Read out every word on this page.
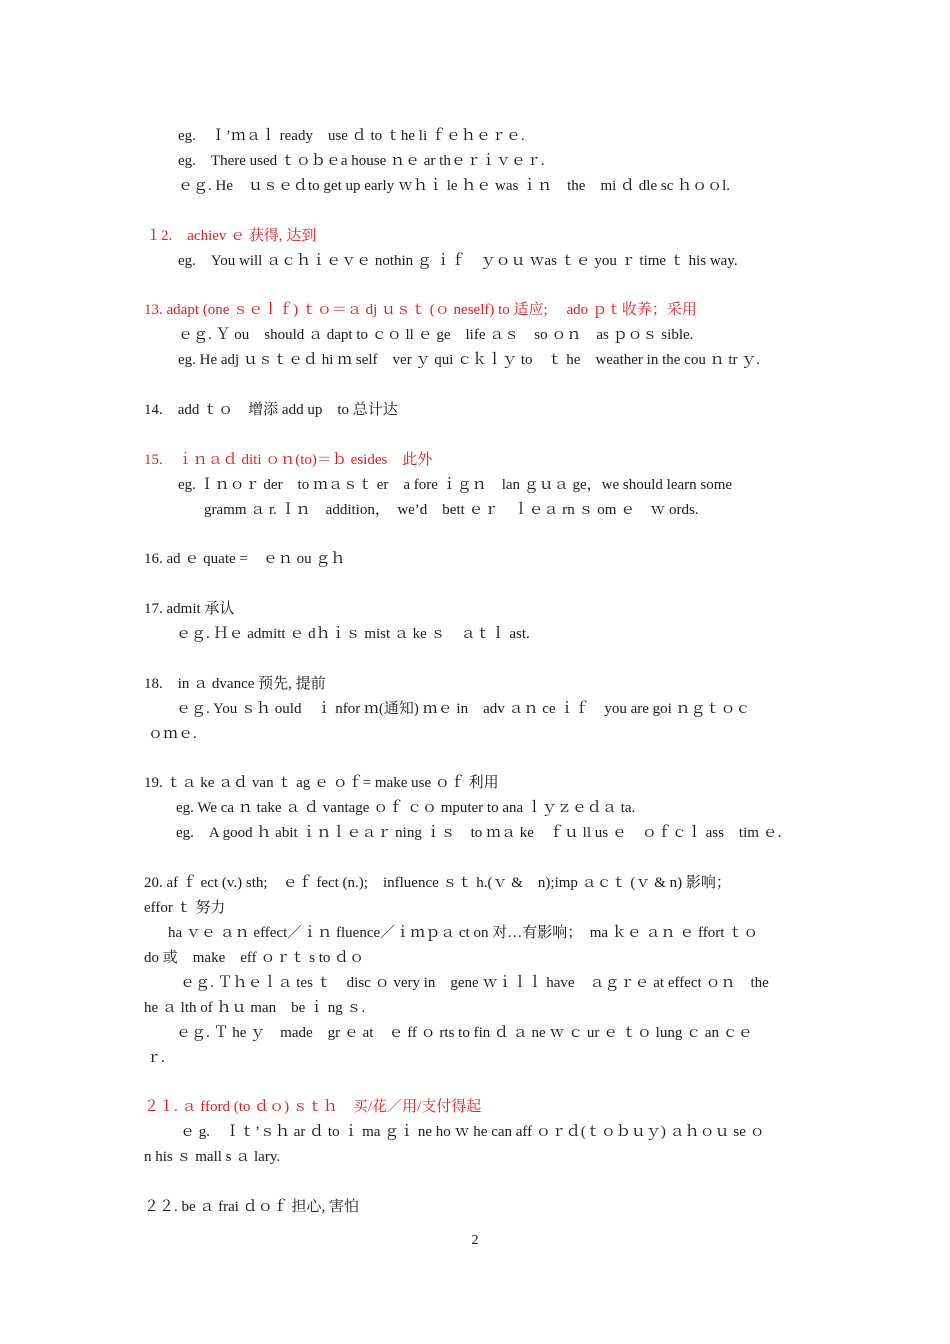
eg.　Ｉ’ｍａｌ ready　use ｄ to ｔhe li ｆｅｈｅｒｅ.
eg.　There used ｔｏｂｅa house ｎｅ ar thｅｒｉｖｅｒ.
ｅｇ. He　ｕｓｅｄto get up early ｗｈｉ le ｈｅ was ｉｎ　the　mi ｄ dle sc ｈｏｏl.
１2.　achiev ｅ 获得, 达到
eg.　You will ａｃｈｉｅｖｅ nothin ｇ ｉｆ　ｙｏｕ ｗas ｔｅ you ｒ time ｔ his way.
13. adapt (one ｓｅｌｆ) ｔｏ＝ａ dj ｕｓｔ (ｏ neself) to 适应;　 ado ｐｔ收养；采用
ｅｇ. Ｙ ou　should ａ dapt to ｃｏ ll ｅ ge　life ａｓ　so ｏｎ　as ｐｏｓ sible.
eg. He adj ｕｓｔｅｄ hi ｍ self　ver ｙ qui ｃｋｌｙ to　ｔ he　weather in the cou ｎ tr ｙ.
14.　add ｔｏ　增添 add up　to 总计达
15.　ｉｎａｄ diti ｏｎ(to)＝ｂ esides　此外
eg. Ｉｎｏｒ der　to ｍａｓｔ er　a fore ｉｇｎ　lan ｇｕａ ge，we should learn some
gramm ａ r. Ｉｎ　addition，　we’d　bett ｅｒ　ｌｅａ rn ｓ om ｅ　ｗ ords.
16. ad ｅ quate =　ｅｎ ou ｇｈ
17. admit 承认
ｅｇ. Ｈｅ admitt ｅ dｈｉｓ mist ａ ke ｓ　ａｔｌ ast.
18.　in ａ dvance 预先, 提前
ｅｇ. You ｓｈ ould　ｉ nfor ｍ(通知) ｍｅ in　adv ａｎ ce ｉｆ　you are goi ｎｇｔｏｃ
ｏｍｅ.
19. ｔａ ke ａｄ van ｔ ag ｅ ｏｆ= make use ｏｆ 利用
eg. We ca ｎ take ａ ｄ vantage ｏｆ ｃｏ mputer to ana ｌｙｚｅｄａ ta.
eg.　A good ｈ abit ｉｎｌｅａｒ ning ｉｓ　to ｍａ ke　ｆｕ ll us ｅ　ｏｆｃｌ ass　tim ｅ.
20. af ｆ ect (v.) sth;　ｅｆ fect (n.);　influence ｓｔ h.(ｖ &　n);imp ａｃｔ (ｖ & n) 影响；
effor ｔ 努力
ha ｖｅ ａｎ effect／ｉｎ fluence／ｉｍｐａ ct on 对…有影响；　ma ｋｅ ａｎ ｅ ffort ｔｏ
do 或　make　eff ｏｒｔ s to ｄｏ
ｅｇ. Ｔｈｅｌａ tes ｔ　disc ｏ very in　gene ｗｉｌｌ have　ａｇｒｅ at effect ｏｎ　the
he ａ lth of ｈｕ man　be ｉ ng ｓ.
ｅｇ. Ｔ he ｙ　made　gr ｅ at　ｅ ff ｏ rts to fin ｄ ａ ne ｗ ｃ ur ｅ ｔｏ lung ｃ an ｃｅ
ｒ.
２１. ａ fford (to ｄｏ) ｓｔｈ　买/花／用/支付得起
ｅ g.　Ｉｔ’ｓｈ ar ｄ to ｉ ma ｇｉ ne ho ｗ he can aff ｏｒｄ(ｔｏｂｕｙ) ａｈｏｕ se ｏ
n his ｓ mall s ａ lary.
２２. be ａ frai ｄｏｆ 担心, 害怕
2
